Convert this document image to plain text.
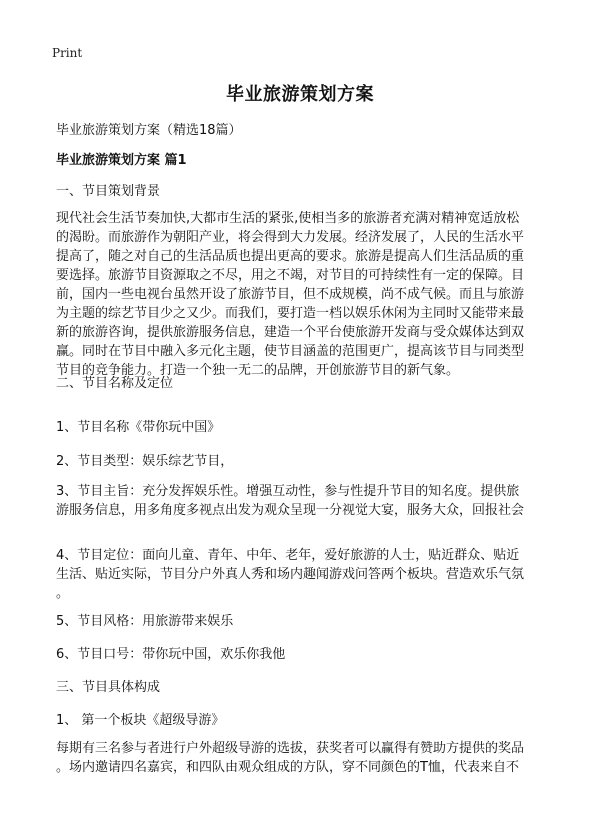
Print
毕业旅游策划方案
毕业旅游策划方案（精选18篇）
毕业旅游策划方案 篇1
一、节目策划背景
现代社会生活节奏加快,大都市生活的紧张,使相当多的旅游者充满对精神宽适放松
的渴盼。而旅游作为朝阳产业，将会得到大力发展。经济发展了，人民的生活水平
提高了，随之对自己的生活品质也提出更高的要求。旅游是提高人们生活品质的重
要选择。旅游节目资源取之不尽，用之不竭，对节目的可持续性有一定的保障。目
前，国内一些电视台虽然开设了旅游节目，但不成规模，尚不成气候。而且与旅游
为主题的综艺节目少之又少。而我们，要打造一档以娱乐休闲为主同时又能带来最
新的旅游咨询，提供旅游服务信息，建造一个平台使旅游开发商与受众媒体达到双
赢。同时在节目中融入多元化主题，使节目涵盖的范围更广，提高该节目与同类型
节目的竞争能力。打造一个独一无二的品牌，开创旅游节目的新气象。
二、节目名称及定位
1、节目名称《带你玩中国》
2、节目类型：娱乐综艺节目，
3、节目主旨：充分发挥娱乐性。增强互动性，参与性提升节目的知名度。提供旅
游服务信息，用多角度多视点出发为观众呈现一分视觉大宴，服务大众，回报社会
4、节目定位：面向儿童、青年、中年、老年，爱好旅游的人士，贴近群众、贴近
生活、贴近实际，节目分户外真人秀和场内趣闻游戏问答两个板块。营造欢乐气氛
。
5、节目风格：用旅游带来娱乐
6、节目口号：带你玩中国，欢乐你我他
三、节目具体构成
1、 第一个板块《超级导游》
每期有三名参与者进行户外超级导游的选拔，获奖者可以赢得有赞助方提供的奖品
。场内邀请四名嘉宾，和四队由观众组成的方队，穿不同颜色的T恤，代表来自不
